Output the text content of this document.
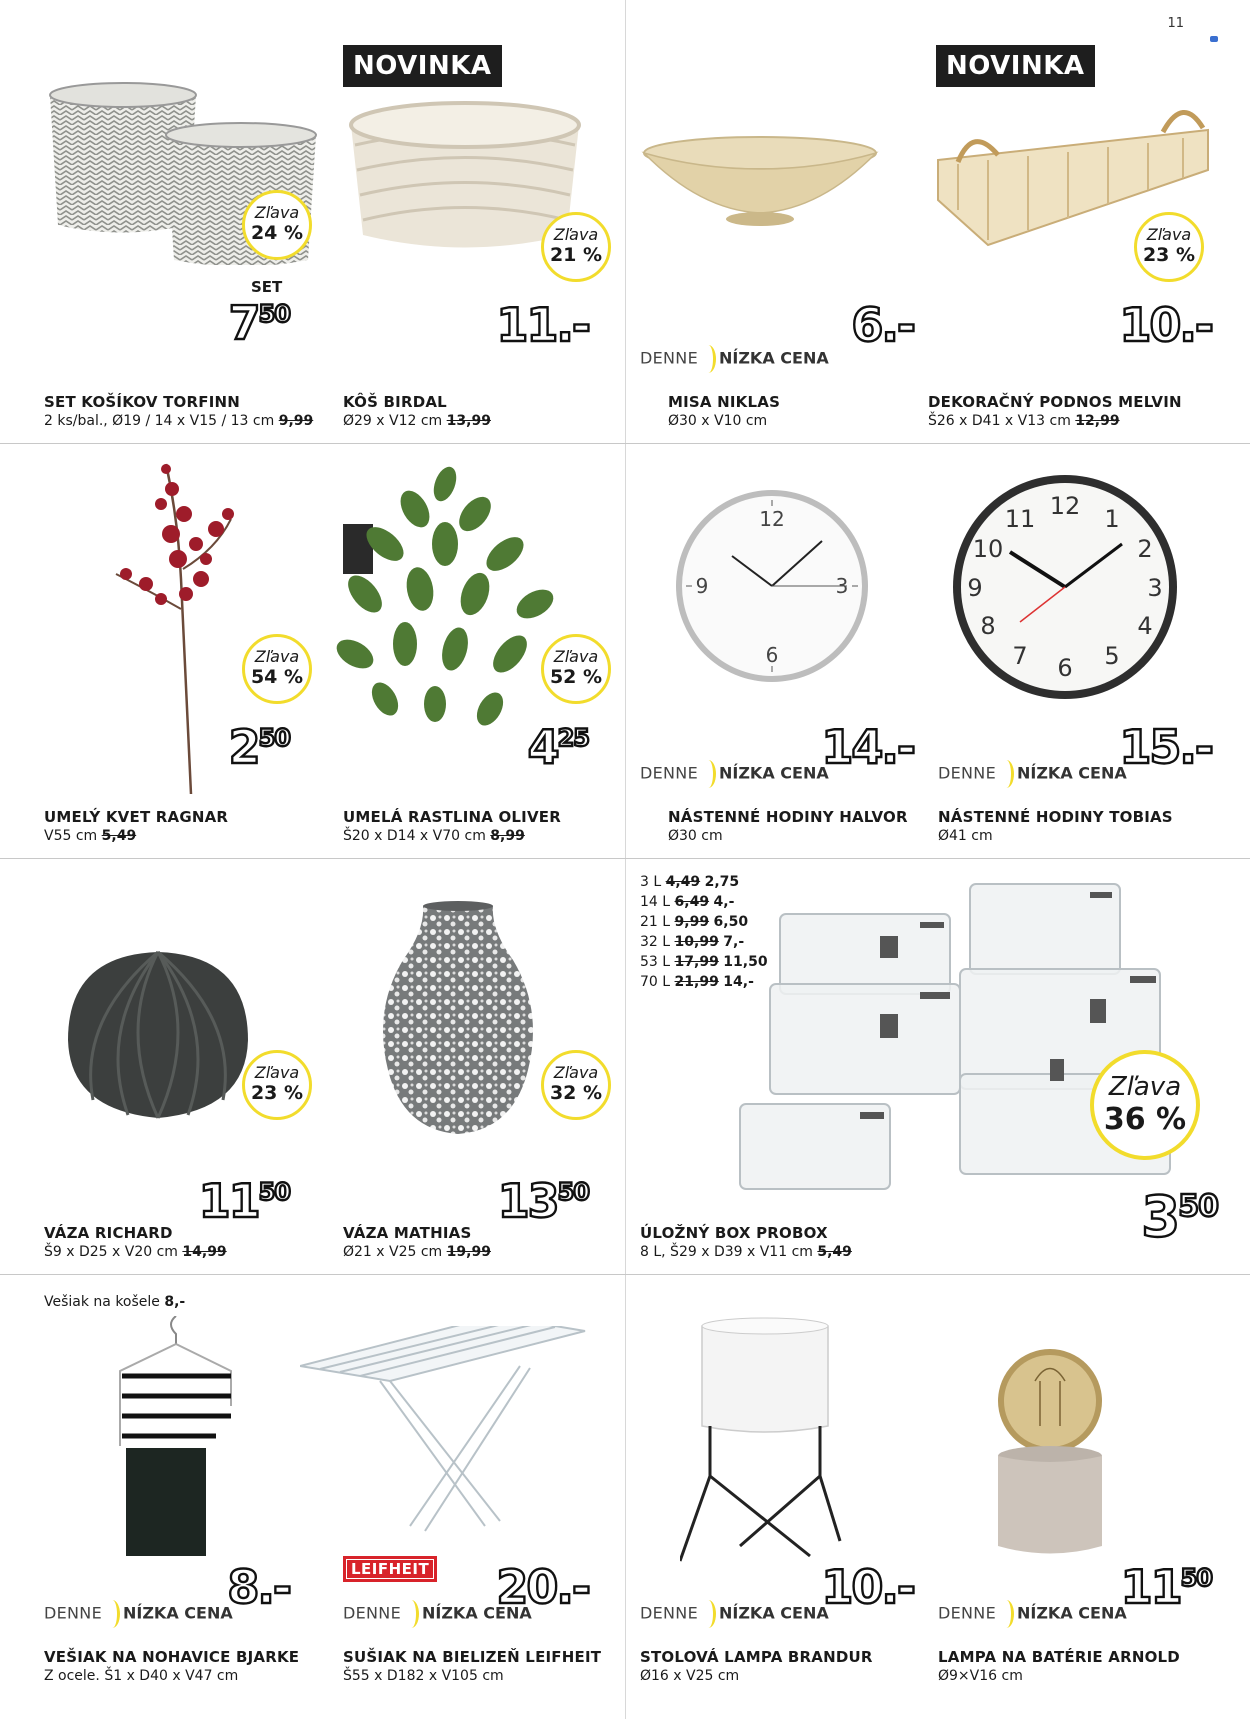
11
Zľava
24 %
SET
$7^{50}$
SET KOŠÍKOV TORFINN
2 ks/bal., Ø19 / 14 x V15 / 13 cm 9,99
NOVINKA
Zľava
21 %
11.-
KÔŠ BIRDAL
Ø29 x V12 cm 13,99
6.-
DENNE NÍZKA CENA
MISA NIKLAS
Ø30 x V10 cm
NOVINKA
Zľava
23 %
10.-
DEKORAČNÝ PODNOS MELVIN
Š26 x D41 x V13 cm 12,99
Zľava
54 %
$2^{50}$
UMELÝ KVET RAGNAR
V55 cm 5,49
Zľava
52 %
$4^{25}$
UMELÁ RASTLINA OLIVER
Š20 x D14 x V70 cm 8,99
12
3
6
9
14.-
DENNE NÍZKA CENA
NÁSTENNÉ HODINY HALVOR
Ø30 cm
12 1
2
3
4
5
6
7
8
9
10
11
15.-
DENNE NÍZKA CENA
NÁSTENNÉ HODINY TOBIAS
Ø41 cm
Zľava
23 %
$11^{50}$
VÁZA RICHARD
Š9 x D25 x V20 cm 14,99
Zľava
32 %
$13^{50}$
VÁZA MATHIAS
Ø21 x V25 cm 19,99
3 L 4,49 2,75
14 L 6,49 4,-
21 L 9,99 6,50
32 L 10,99 7,-
53 L 17,99 11,50
70 L 21,99 14,-
Zľava
36 %
$3^{50}$
ÚLOŽNÝ BOX PROBOX
8 L, Š29 x D39 x V11 cm 5,49
Vešiak na košele 8,-
8.-
DENNE NÍZKA CENA
VEŠIAK NA NOHAVICE BJARKE
Z ocele. Š1 x D40 x V47 cm
LEIFHEIT 20.-
DENNE NÍZKA CENA
SUŠIAK NA BIELIZEŇ LEIFHEIT
Š55 x D182 x V105 cm
10.-
DENNE NÍZKA CENA
STOLOVÁ LAMPA BRANDUR
Ø16 x V25 cm
$11^{50}$
DENNE NÍZKA CENA
LAMPA NA BATÉRIE ARNOLD
Ø9×V16 cm
